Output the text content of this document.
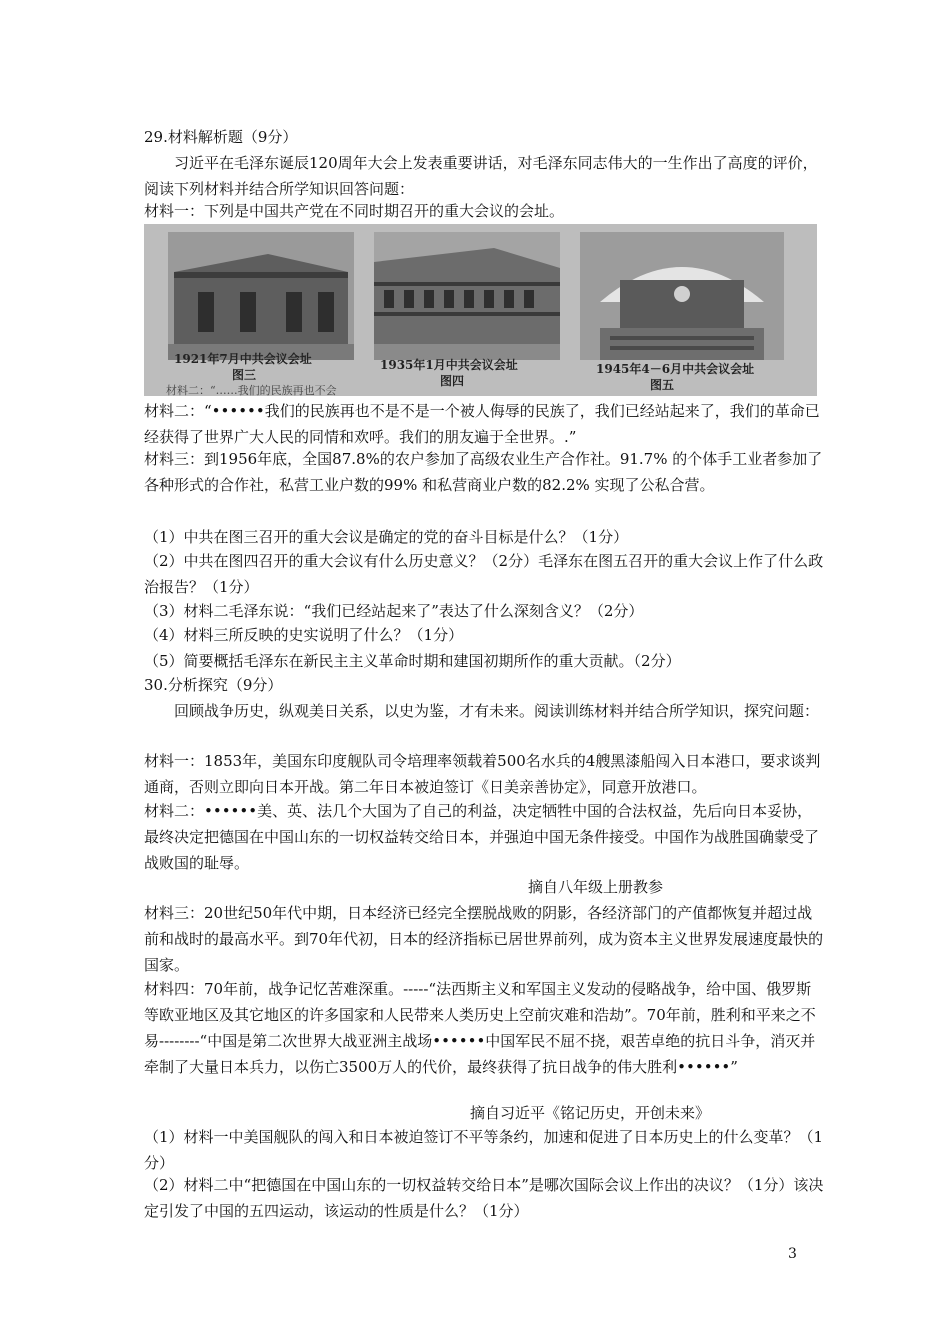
29.材料解析题（9分）

习近平在毛泽东诞辰120周年大会上发表重要讲话，对毛泽东同志伟大的一生作出了高度的评价，阅读下列材料并结合所学知识回答问题：

材料一：下列是中国共产党在不同时期召开的重大会议的会址。

1921年7月中共会议会址
图三
1935年1月中共会议会址
图四
1945年4－6月中共会议会址
图五
材料二：“……我们的民族再也不会

材料二：“••••••我们的民族再也不是不是一个被人侮辱的民族了，我们已经站起来了，我们的革命已经获得了世界广大人民的同情和欢呼。我们的朋友遍于全世界。.”

材料三：到1956年底，全国87.8%的农户参加了高级农业生产合作社。91.7% 的个体手工业者参加了各种形式的合作社，私营工业户数的99% 和私营商业户数的82.2% 实现了公私合营。

（1）中共在图三召开的重大会议是确定的党的奋斗目标是什么？（1分）

（2）中共在图四召开的重大会议有什么历史意义？（2分）毛泽东在图五召开的重大会议上作了什么政治报告？（1分）

（3）材料二毛泽东说：“我们已经站起来了”表达了什么深刻含义？（2分）

（4）材料三所反映的史实说明了什么？（1分）

（5）简要概括毛泽东在新民主主义革命时期和建国初期所作的重大贡献。（2分）

30.分析探究（9分）

回顾战争历史，纵观美日关系，以史为鉴，才有未来。阅读训练材料并结合所学知识，探究问题：

材料一：1853年，美国东印度舰队司令培理率领载着500名水兵的4艘黑漆船闯入日本港口，要求谈判通商，否则立即向日本开战。第二年日本被迫签订《日美亲善协定》，同意开放港口。

材料二：••••••美、英、法几个大国为了自己的利益，决定牺牲中国的合法权益，先后向日本妥协，最终决定把德国在中国山东的一切权益转交给日本，并强迫中国无条件接受。中国作为战胜国确蒙受了战败国的耻辱。

摘自八年级上册教参

材料三：20世纪50年代中期，日本经济已经完全摆脱战败的阴影，各经济部门的产值都恢复并超过战前和战时的最高水平。到70年代初，日本的经济指标已居世界前列，成为资本主义世界发展速度最快的国家。

材料四：70年前，战争记忆苦难深重。-----“法西斯主义和军国主义发动的侵略战争，给中国、俄罗斯等欧亚地区及其它地区的许多国家和人民带来人类历史上空前灾难和浩劫”。70年前，胜利和平来之不易--------“中国是第二次世界大战亚洲主战场••••••中国军民不屈不挠，艰苦卓绝的抗日斗争，消灭并牵制了大量日本兵力，以伤亡3500万人的代价，最终获得了抗日战争的伟大胜利••••••”

摘自习近平《铭记历史，开创未来》

（1）材料一中美国舰队的闯入和日本被迫签订不平等条约，加速和促进了日本历史上的什么变革？（1分）

（2）材料二中“把德国在中国山东的一切权益转交给日本”是哪次国际会议上作出的决议？（1分）该决定引发了中国的五四运动，该运动的性质是什么？（1分）

3
